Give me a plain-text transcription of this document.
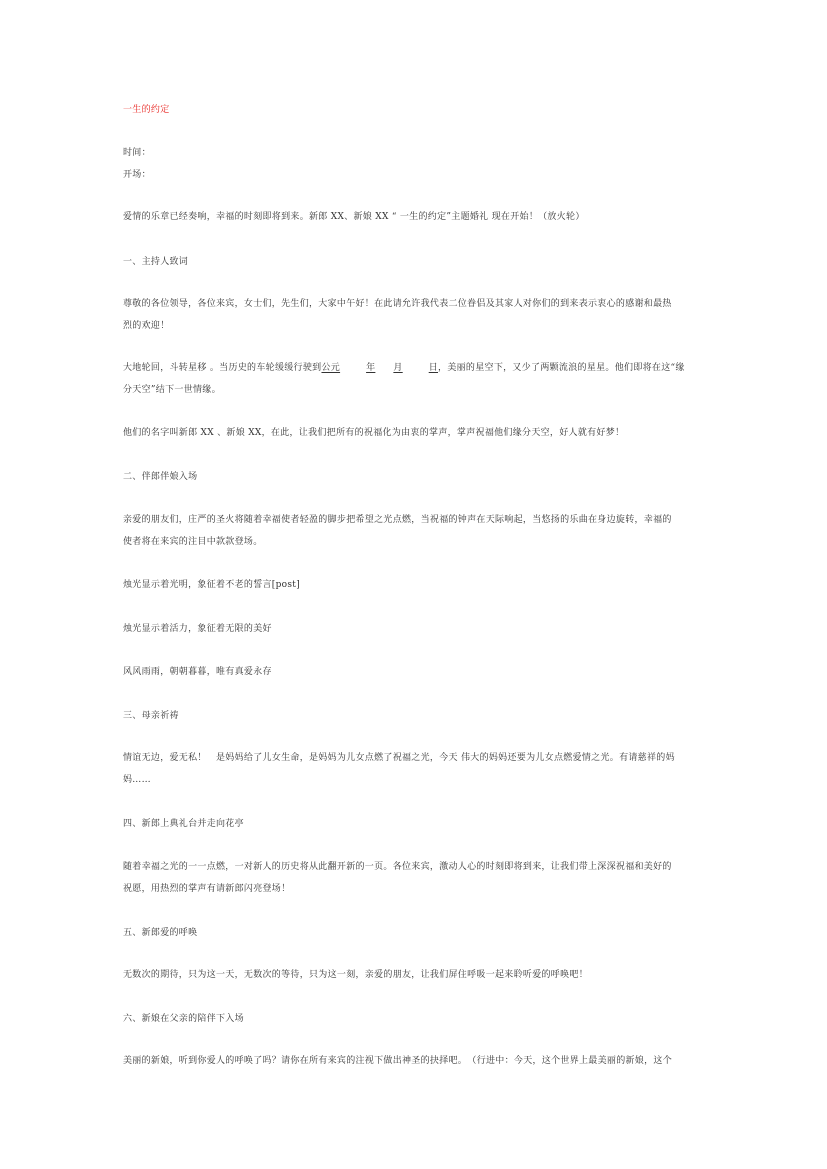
一生的约定
时间：
开场：
爱情的乐章已经奏响，幸福的时刻即将到来。新郎 XX、新娘 XX “ 一生的约定”主题婚礼 现在开始！（放火轮）
一、主持人致词
尊敬的各位领导，各位来宾，女士们，先生们，大家中午好！在此请允许我代表二位眷侣及其家人对你们的到来表示衷心的感谢和最热
烈的欢迎！
大地轮回，斗转星移 。当历史的车轮缓缓行驶到公元	年 月	日，美丽的星空下，又少了两颗流浪的星星。他们即将在这“缘
分天空”结下一世情缘。
他们的名字叫新郎 XX 、新娘 XX，在此，让我们把所有的祝福化为由衷的掌声，掌声祝福他们缘分天空，好人就有好梦！
二、伴郎伴娘入场
亲爱的朋友们，庄严的圣火将随着幸福使者轻盈的脚步把希望之光点燃，当祝福的钟声在天际响起，当悠扬的乐曲在身边旋转，幸福的
使者将在来宾的注目中款款登场。
烛光显示着光明，象征着不老的誓言[post]
烛光显示着活力，象征着无限的美好
风风雨雨，朝朝暮暮，唯有真爱永存
三、母亲祈祷
情谊无边，爱无私！　是妈妈给了儿女生命，是妈妈为儿女点燃了祝福之光，今天 伟大的妈妈还要为儿女点燃爱情之光。有请慈祥的妈
妈……
四、新郎上典礼台并走向花亭
随着幸福之光的一一点燃，一对新人的历史将从此翻开新的一页。各位来宾，激动人心的时刻即将到来，让我们带上深深祝福和美好的
祝愿，用热烈的掌声有请新郎闪亮登场！
五、新郎爱的呼唤
无数次的期待，只为这一天，无数次的等待，只为这一刻，亲爱的朋友，让我们屏住呼吸一起来聆听爱的呼唤吧！
六、新娘在父亲的陪伴下入场
美丽的新娘，听到你爱人的呼唤了吗？请你在所有来宾的注视下做出神圣的抉择吧。　（行进中：今天，这个世界上最美丽的新娘，这个
